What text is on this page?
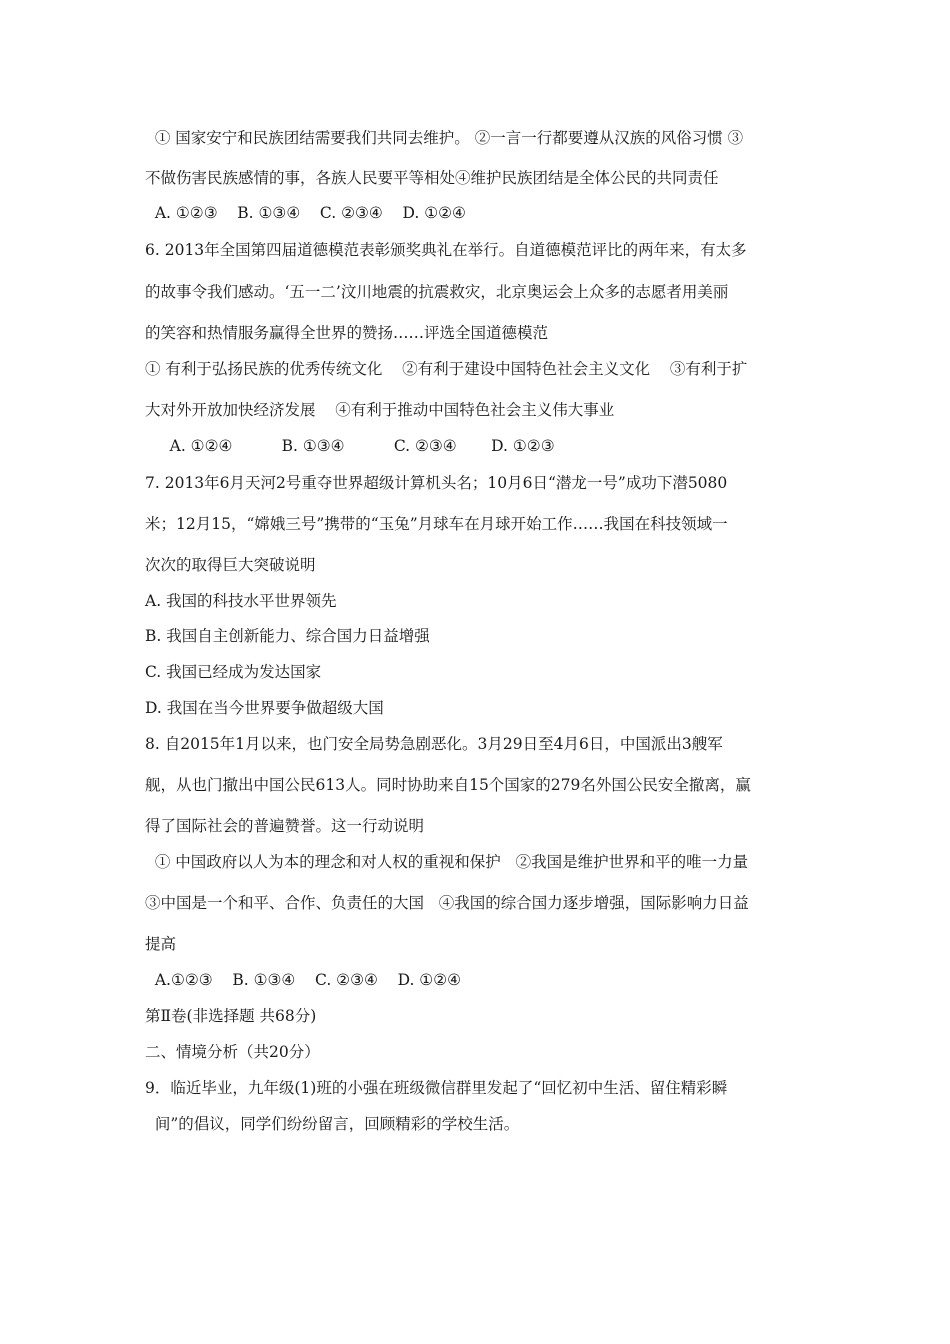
① 国家安宁和民族团结需要我们共同去维护。 ②一言一行都要遵从汉族的风俗习惯 ③
不做伤害民族感情的事，各族人民要平等相处④维护民族团结是全体公民的共同责任
A. ①②③    B. ①③④    C. ②③④    D. ①②④
6. 2013年全国第四届道德模范表彰颁奖典礼在举行。自道德模范评比的两年来，有太多
的故事令我们感动。‘五一二’汶川地震的抗震救灾，北京奥运会上众多的志愿者用美丽
的笑容和热情服务赢得全世界的赞扬……评选全国道德模范
① 有利于弘扬民族的优秀传统文化    ②有利于建设中国特色社会主义文化    ③有利于扩
大对外开放加快经济发展    ④有利于推动中国特色社会主义伟大事业
A. ①②④          B. ①③④          C. ②③④       D. ①②③
7. 2013年6月天河2号重夺世界超级计算机头名；10月6日“潜龙一号”成功下潜5080
米；12月15，“嫦娥三号”携带的“玉兔”月球车在月球开始工作……我国在科技领域一
次次的取得巨大突破说明
A. 我国的科技水平世界领先
B. 我国自主创新能力、综合国力日益增强
C. 我国已经成为发达国家
D. 我国在当今世界要争做超级大国
8. 自2015年1月以来，也门安全局势急剧恶化。3月29日至4月6日，中国派出3艘军
舰，从也门撤出中国公民613人。同时协助来自15个国家的279名外国公民安全撤离，赢
得了国际社会的普遍赞誉。这一行动说明
① 中国政府以人为本的理念和对人权的重视和保护   ②我国是维护世界和平的唯一力量
③中国是一个和平、合作、负责任的大国   ④我国的综合国力逐步增强，国际影响力日益
提高
A.①②③    B. ①③④    C. ②③④    D. ①②④
第Ⅱ卷(非选择题 共68分)
二、情境分析（共20分）
9．临近毕业，九年级(1)班的小强在班级微信群里发起了“回忆初中生活、留住精彩瞬
间”的倡议，同学们纷纷留言，回顾精彩的学校生活。
